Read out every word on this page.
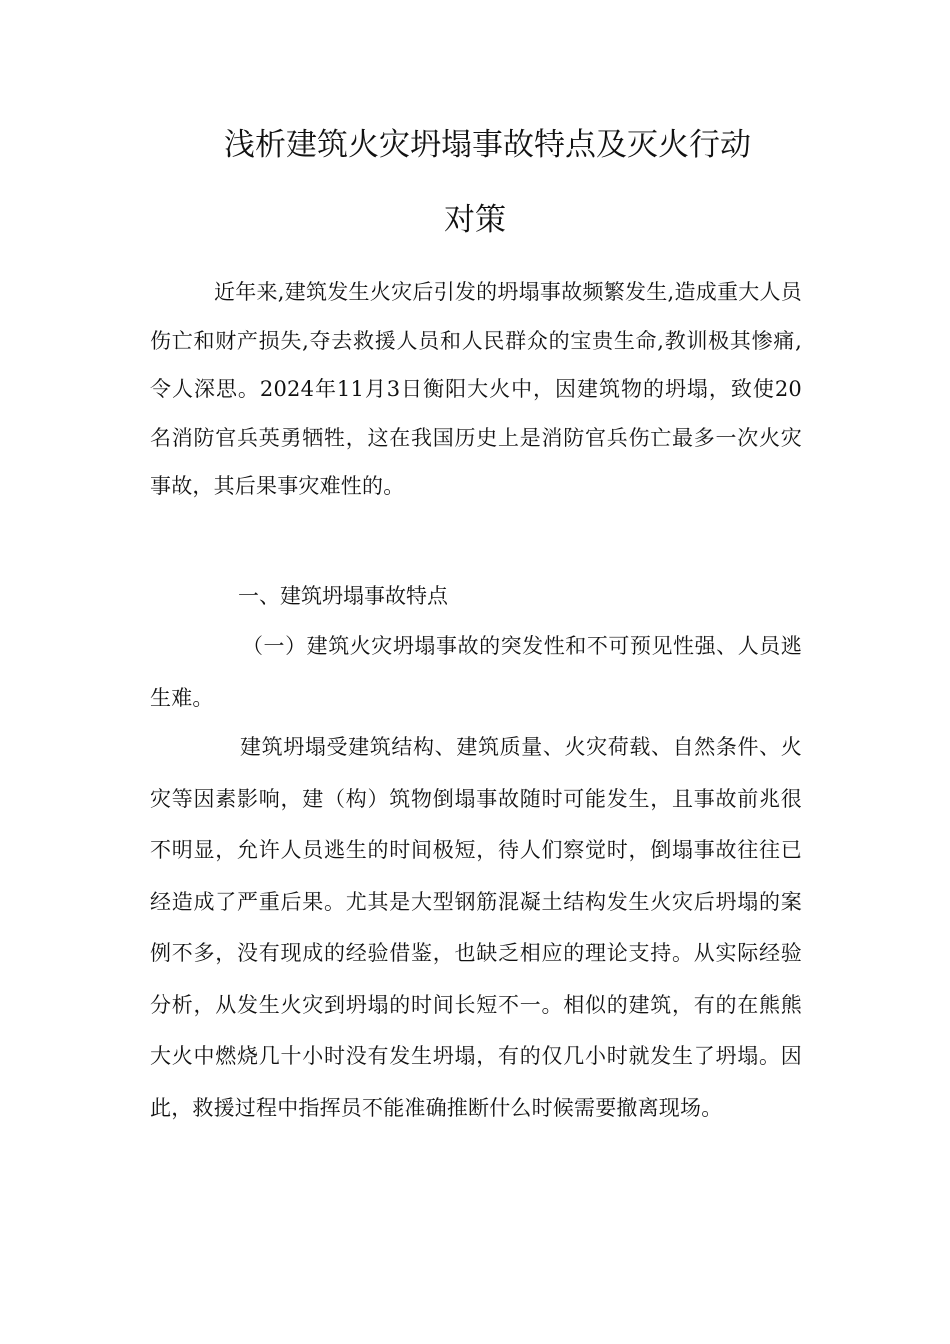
浅析建筑火灾坍塌事故特点及灭火行动
对策

近年来,建筑发生火灾后引发的坍塌事故频繁发生,造成重大人员伤亡和财产损失,夺去救援人员和人民群众的宝贵生命,教训极其惨痛,令人深思。2024年11月3日衡阳大火中，因建筑物的坍塌，致使20名消防官兵英勇牺牲，这在我国历史上是消防官兵伤亡最多一次火灾事故，其后果事灾难性的。

一、建筑坍塌事故特点

（一）建筑火灾坍塌事故的突发性和不可预见性强、人员逃生难。

建筑坍塌受建筑结构、建筑质量、火灾荷载、自然条件、火灾等因素影响，建（构）筑物倒塌事故随时可能发生，且事故前兆很不明显，允许人员逃生的时间极短，待人们察觉时，倒塌事故往往已经造成了严重后果。尤其是大型钢筋混凝土结构发生火灾后坍塌的案例不多，没有现成的经验借鉴，也缺乏相应的理论支持。从实际经验分析，从发生火灾到坍塌的时间长短不一。相似的建筑，有的在熊熊大火中燃烧几十小时没有发生坍塌，有的仅几小时就发生了坍塌。因此，救援过程中指挥员不能准确推断什么时候需要撤离现场。
